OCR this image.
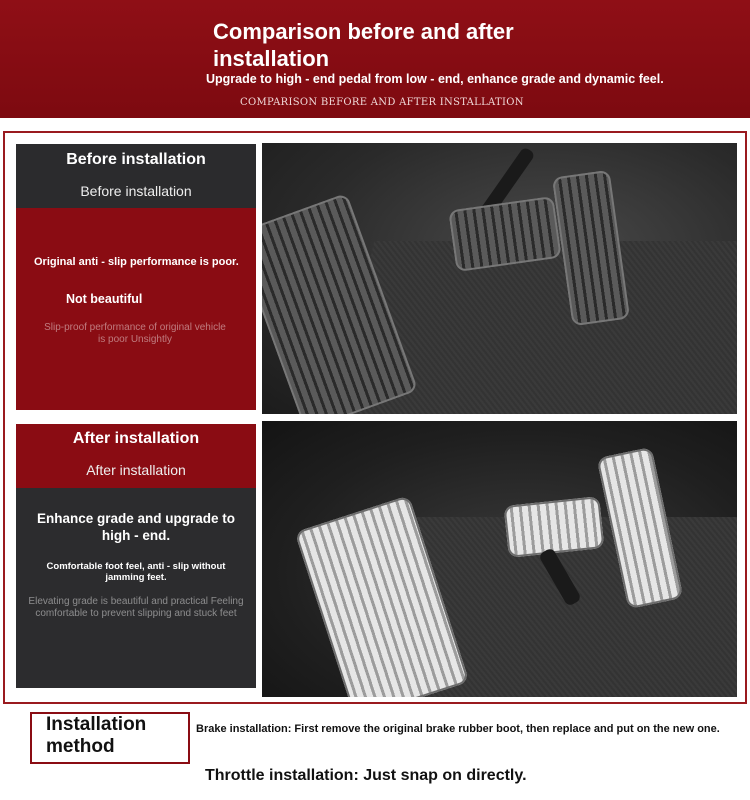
Comparison before and after installation
Upgrade to high - end pedal from low - end, enhance grade and dynamic feel.
COMPARISON BEFORE AND AFTER INSTALLATION
Before installation
Before installation
Original anti - slip performance is poor.
Not beautiful
Slip-proof performance of original vehicle is poor Unsightly
After installation
After installation
Enhance grade and upgrade to high - end.
Comfortable foot feel, anti - slip without jamming feet.
Elevating grade is beautiful and practical Feeling comfortable to prevent slipping and stuck feet
Installation method
Brake installation: First remove the original brake rubber boot, then replace and put on the new one.
Throttle installation: Just snap on directly.
